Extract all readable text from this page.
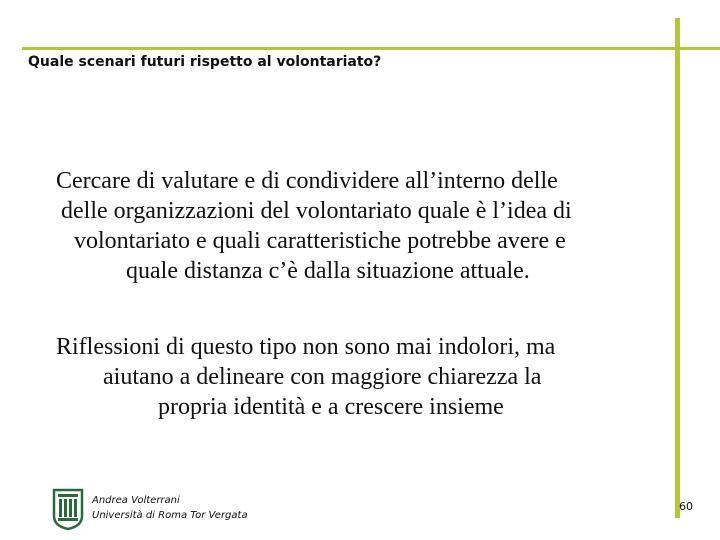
Quale scenari futuri rispetto al volontariato?
Cercare di valutare e di condividere all’interno delle
delle organizzazioni del volontariato quale è l’idea di
volontariato e quali caratteristiche potrebbe avere e
quale distanza c’è dalla situazione attuale.
Riflessioni di questo tipo non sono mai indolori, ma
aiutano a delineare con maggiore chiarezza la
propria identità e a crescere insieme
Andrea Volterrani
Università di Roma Tor Vergata
60
